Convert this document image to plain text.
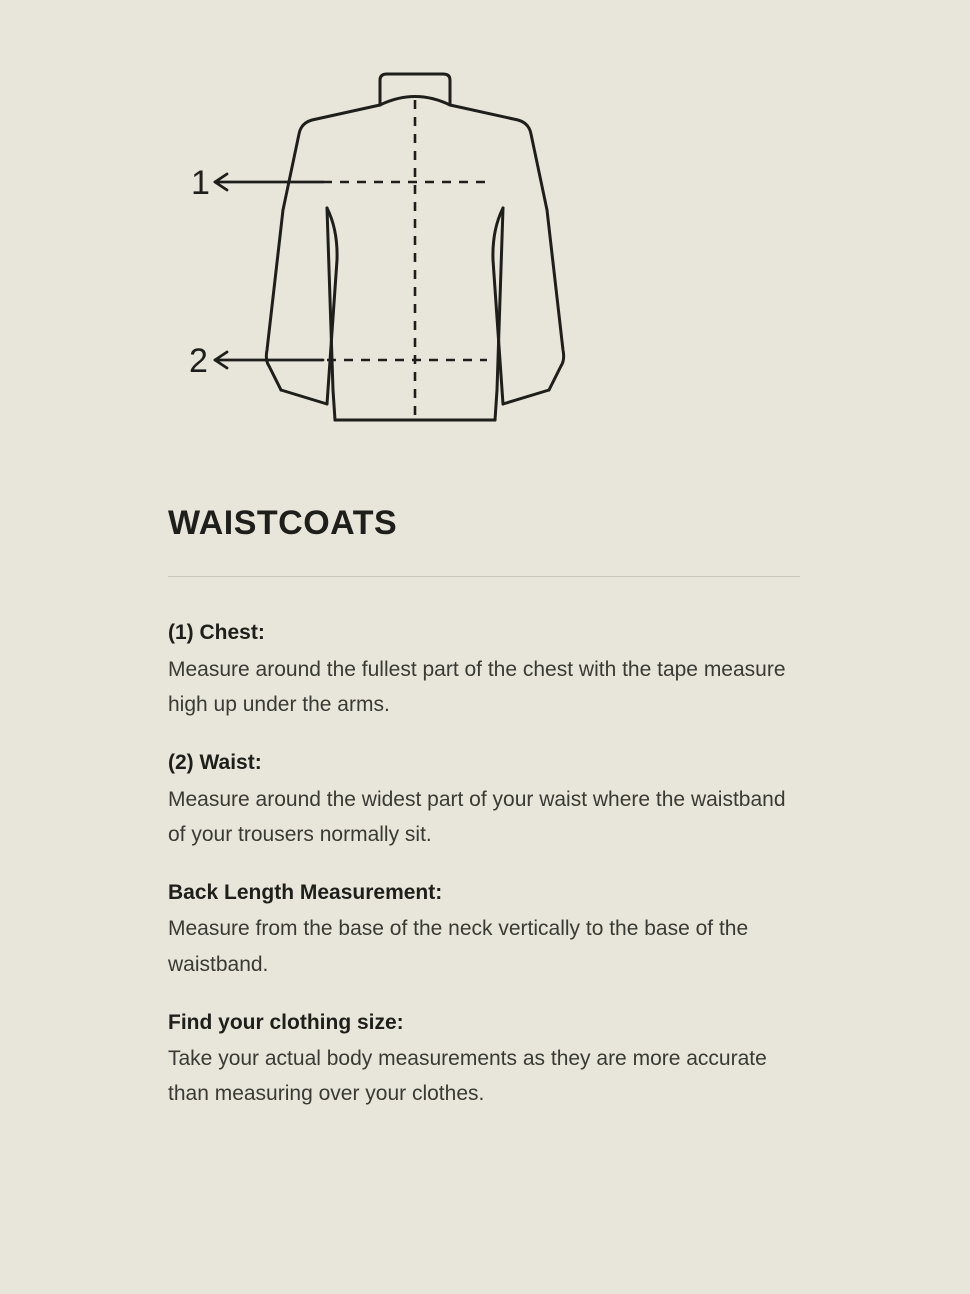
1
2
WAISTCOATS

(1) Chest:

Measure around the fullest part of the chest with the tape measure high up under the arms.

(2) Waist:

Measure around the widest part of your waist where the waistband of your trousers normally sit.

Back Length Measurement:

Measure from the base of the neck vertically to the base of the waistband.

Find your clothing size:

Take your actual body measurements as they are more accurate than measuring over your clothes.
